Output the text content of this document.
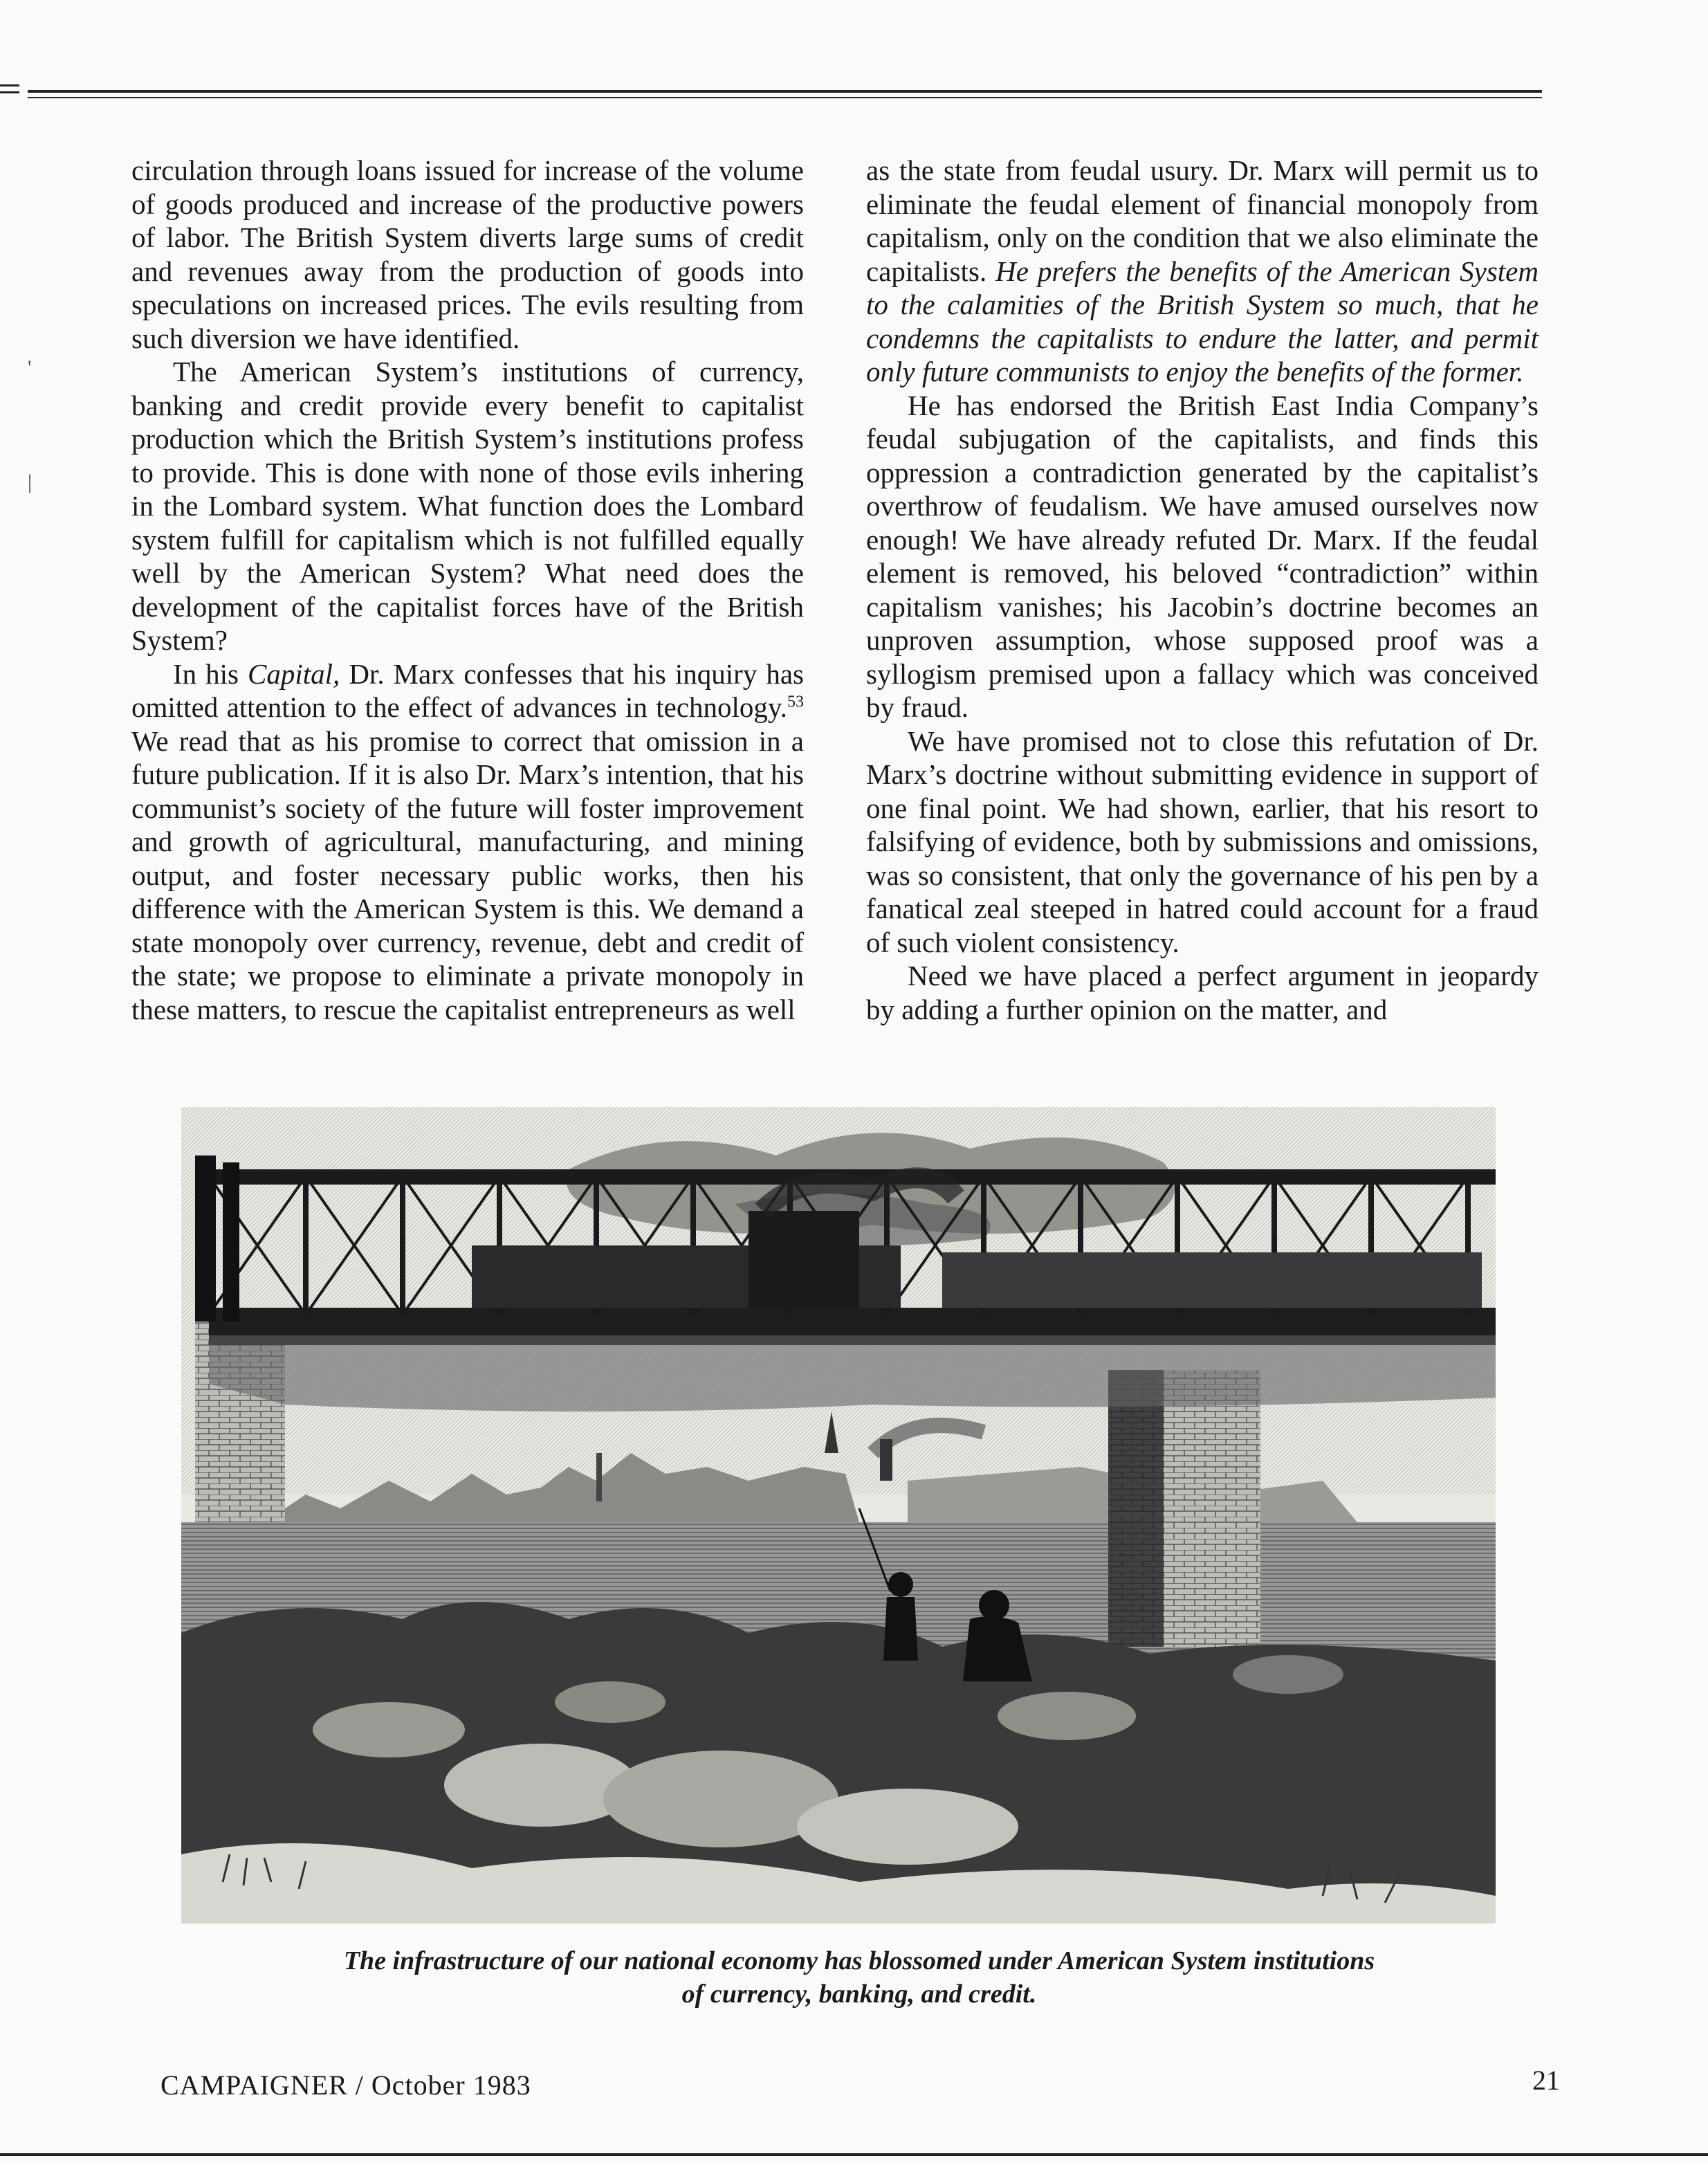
'
|

circulation through loans issued for increase of the volume of goods produced and increase of the productive powers of labor. The British System diverts large sums of credit and revenues away from the production of goods into speculations on increased prices. The evils resulting from such diversion we have identified.

The American System’s institutions of currency, banking and credit provide every benefit to capitalist production which the British System’s institutions profess to provide. This is done with none of those evils inhering in the Lombard system. What function does the Lombard system fulfill for capitalism which is not fulfilled equally well by the American System? What need does the development of the capitalist forces have of the British System?

In his Capital, Dr. Marx confesses that his inquiry has omitted attention to the effect of advances in technology.$^{53}$ We read that as his promise to correct that omission in a future publication. If it is also Dr. Marx’s intention, that his communist’s society of the future will foster improvement and growth of agricultural, manufacturing, and mining output, and foster necessary public works, then his difference with the American System is this. We demand a state monopoly over currency, revenue, debt and credit of the state; we propose to eliminate a private monopoly in these matters, to rescue the capitalist entrepreneurs as well

as the state from feudal usury. Dr. Marx will permit us to eliminate the feudal element of financial monopoly from capitalism, only on the condition that we also eliminate the capitalists. He prefers the benefits of the American System to the calamities of the British System so much, that he condemns the capitalists to endure the latter, and permit only future communists to enjoy the benefits of the former.

He has endorsed the British East India Company’s feudal subjugation of the capitalists, and finds this oppression a contradiction generated by the capitalist’s overthrow of feudalism. We have amused ourselves now enough! We have already refuted Dr. Marx. If the feudal element is removed, his beloved “contradiction” within capitalism vanishes; his Jacobin’s doctrine becomes an unproven assumption, whose supposed proof was a syllogism premised upon a fallacy which was conceived by fraud.

We have promised not to close this refutation of Dr. Marx’s doctrine without submitting evidence in support of one final point. We had shown, earlier, that his resort to falsifying of evidence, both by submissions and omissions, was so consistent, that only the governance of his pen by a fanatical zeal steeped in hatred could account for a fraud of such violent consistency.

Need we have placed a perfect argument in jeopardy by adding a further opinion on the matter, and

The infrastructure of our national economy has blossomed under American System institutions
of currency, banking, and credit.
CAMPAIGNER / October 1983	21
